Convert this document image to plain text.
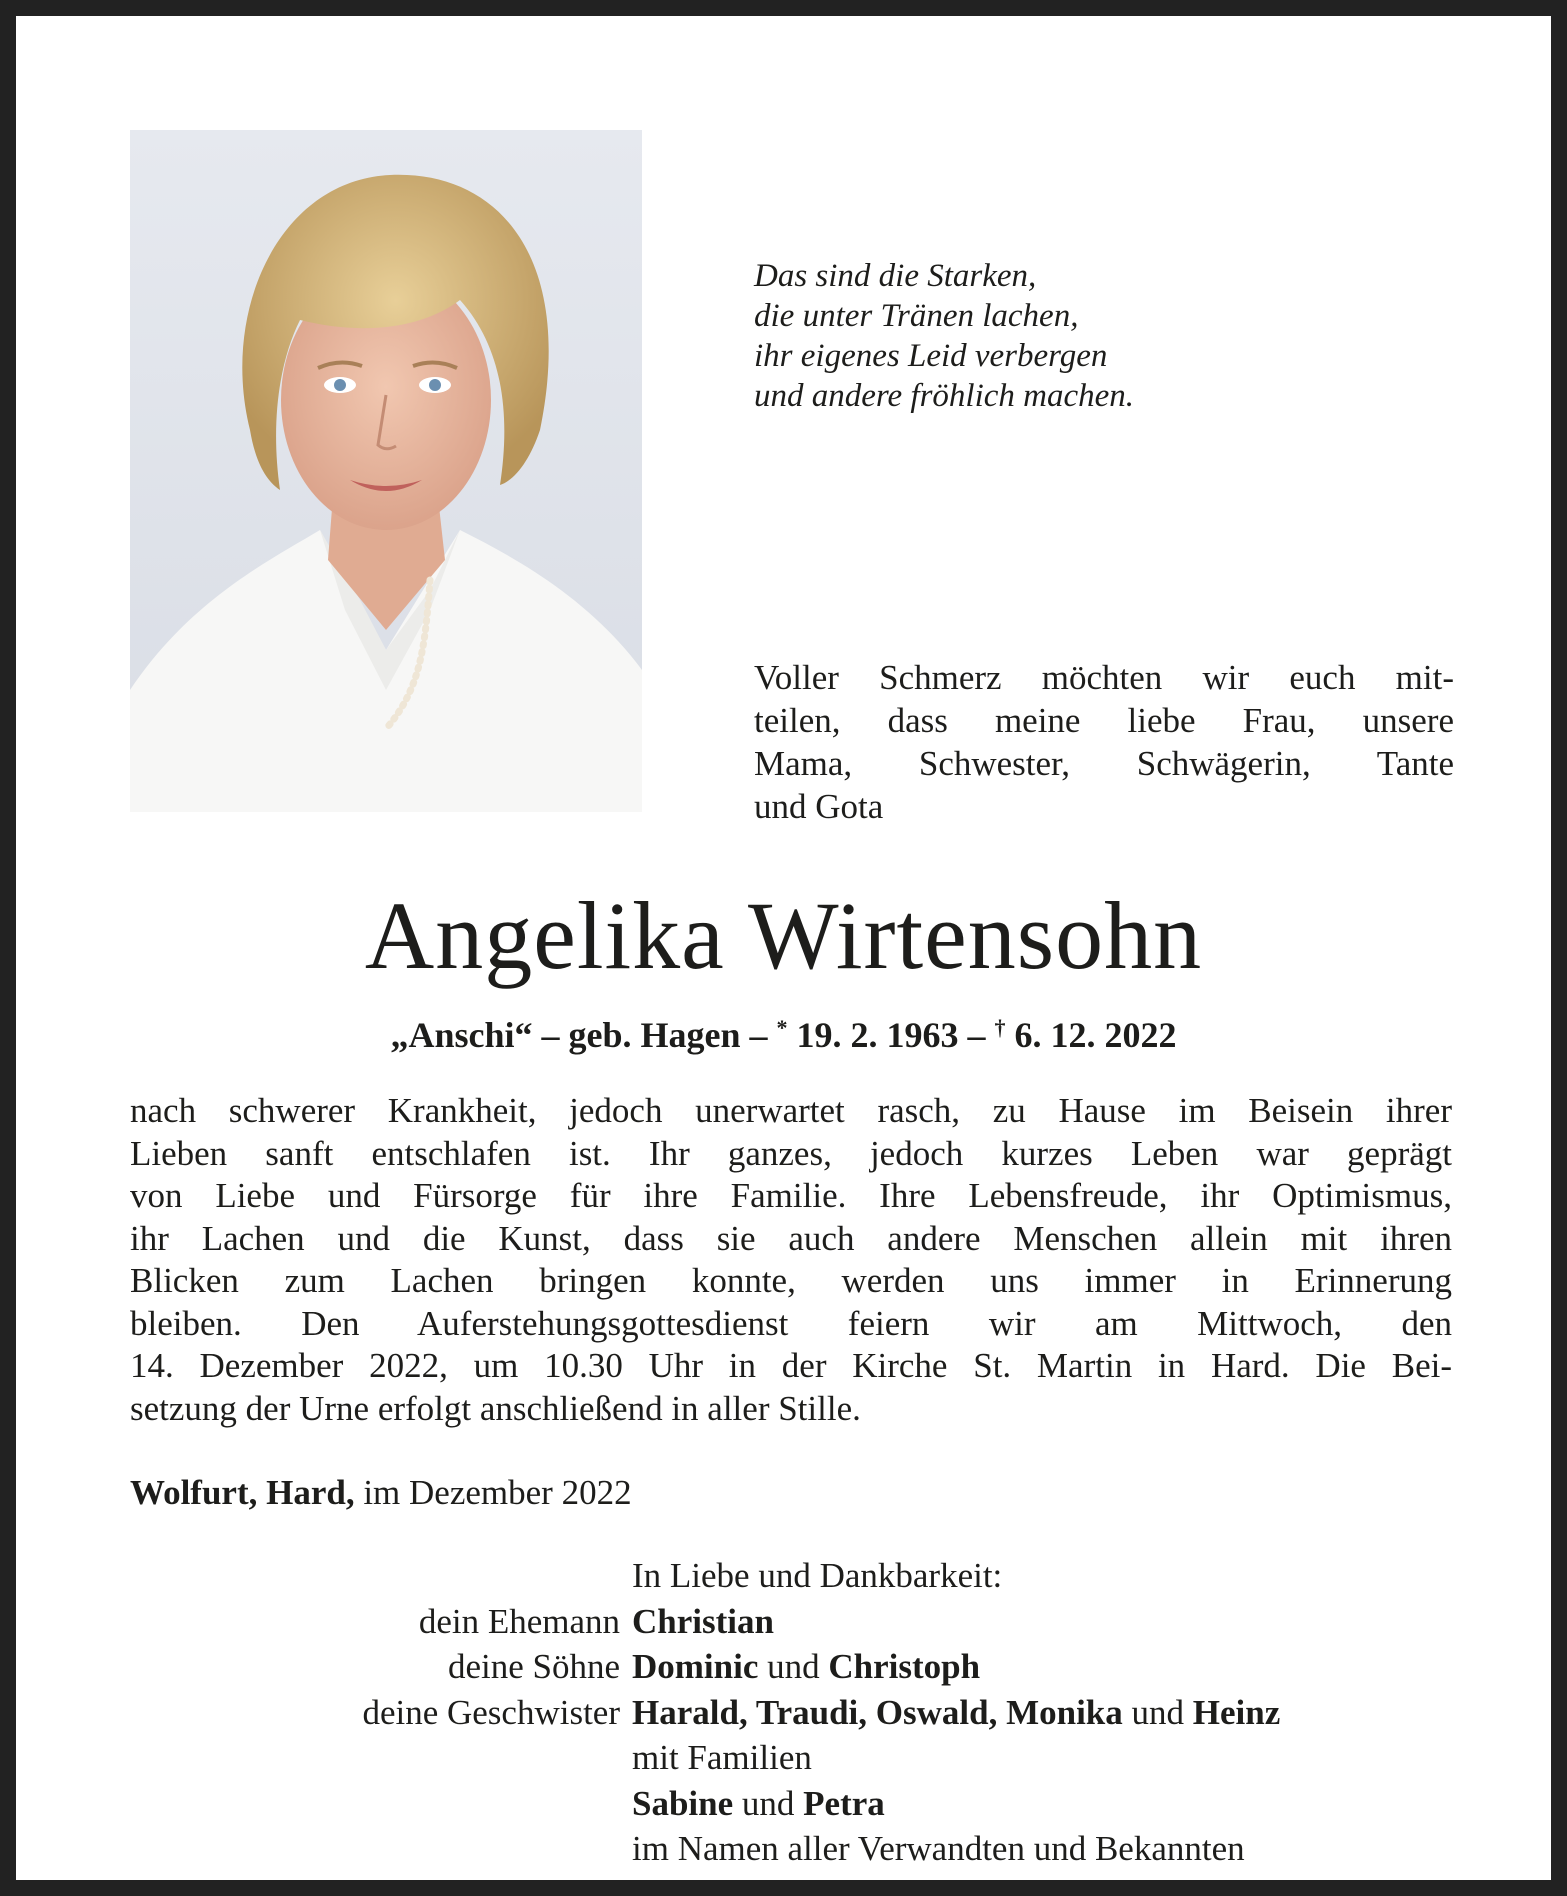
Das sind die Starken,
die unter Tränen lachen,
ihr eigenes Leid verbergen
und andere fröhlich machen.
Voller Schmerz möchten wir euch mit-
teilen, dass meine liebe Frau, unsere
Mama, Schwester, Schwägerin, Tante
und Gota
Angelika Wirtensohn
„Anschi“ – geb. Hagen – * 19. 2. 1963 – † 6. 12. 2022
nach schwerer Krankheit, jedoch unerwartet rasch, zu Hause im Beisein ihrer
Lieben sanft entschlafen ist. Ihr ganzes, jedoch kurzes Leben war geprägt
von Liebe und Fürsorge für ihre Familie. Ihre Lebensfreude, ihr Optimismus,
ihr Lachen und die Kunst, dass sie auch andere Menschen allein mit ihren
Blicken zum Lachen bringen konnte, werden uns immer in Erinnerung
bleiben. Den Auferstehungsgottesdienst feiern wir am Mittwoch, den
14. Dezember 2022, um 10.30 Uhr in der Kirche St. Martin in Hard. Die Bei-
setzung der Urne erfolgt anschließend in aller Stille.
Wolfurt, Hard, im Dezember 2022
In Liebe und Dankbarkeit:
dein Ehemann Christian
deine Söhne Dominic und Christoph
deine Geschwister Harald, Traudi, Oswald, Monika und Heinz
mit Familien
Sabine und Petra
im Namen aller Verwandten und Bekannten
